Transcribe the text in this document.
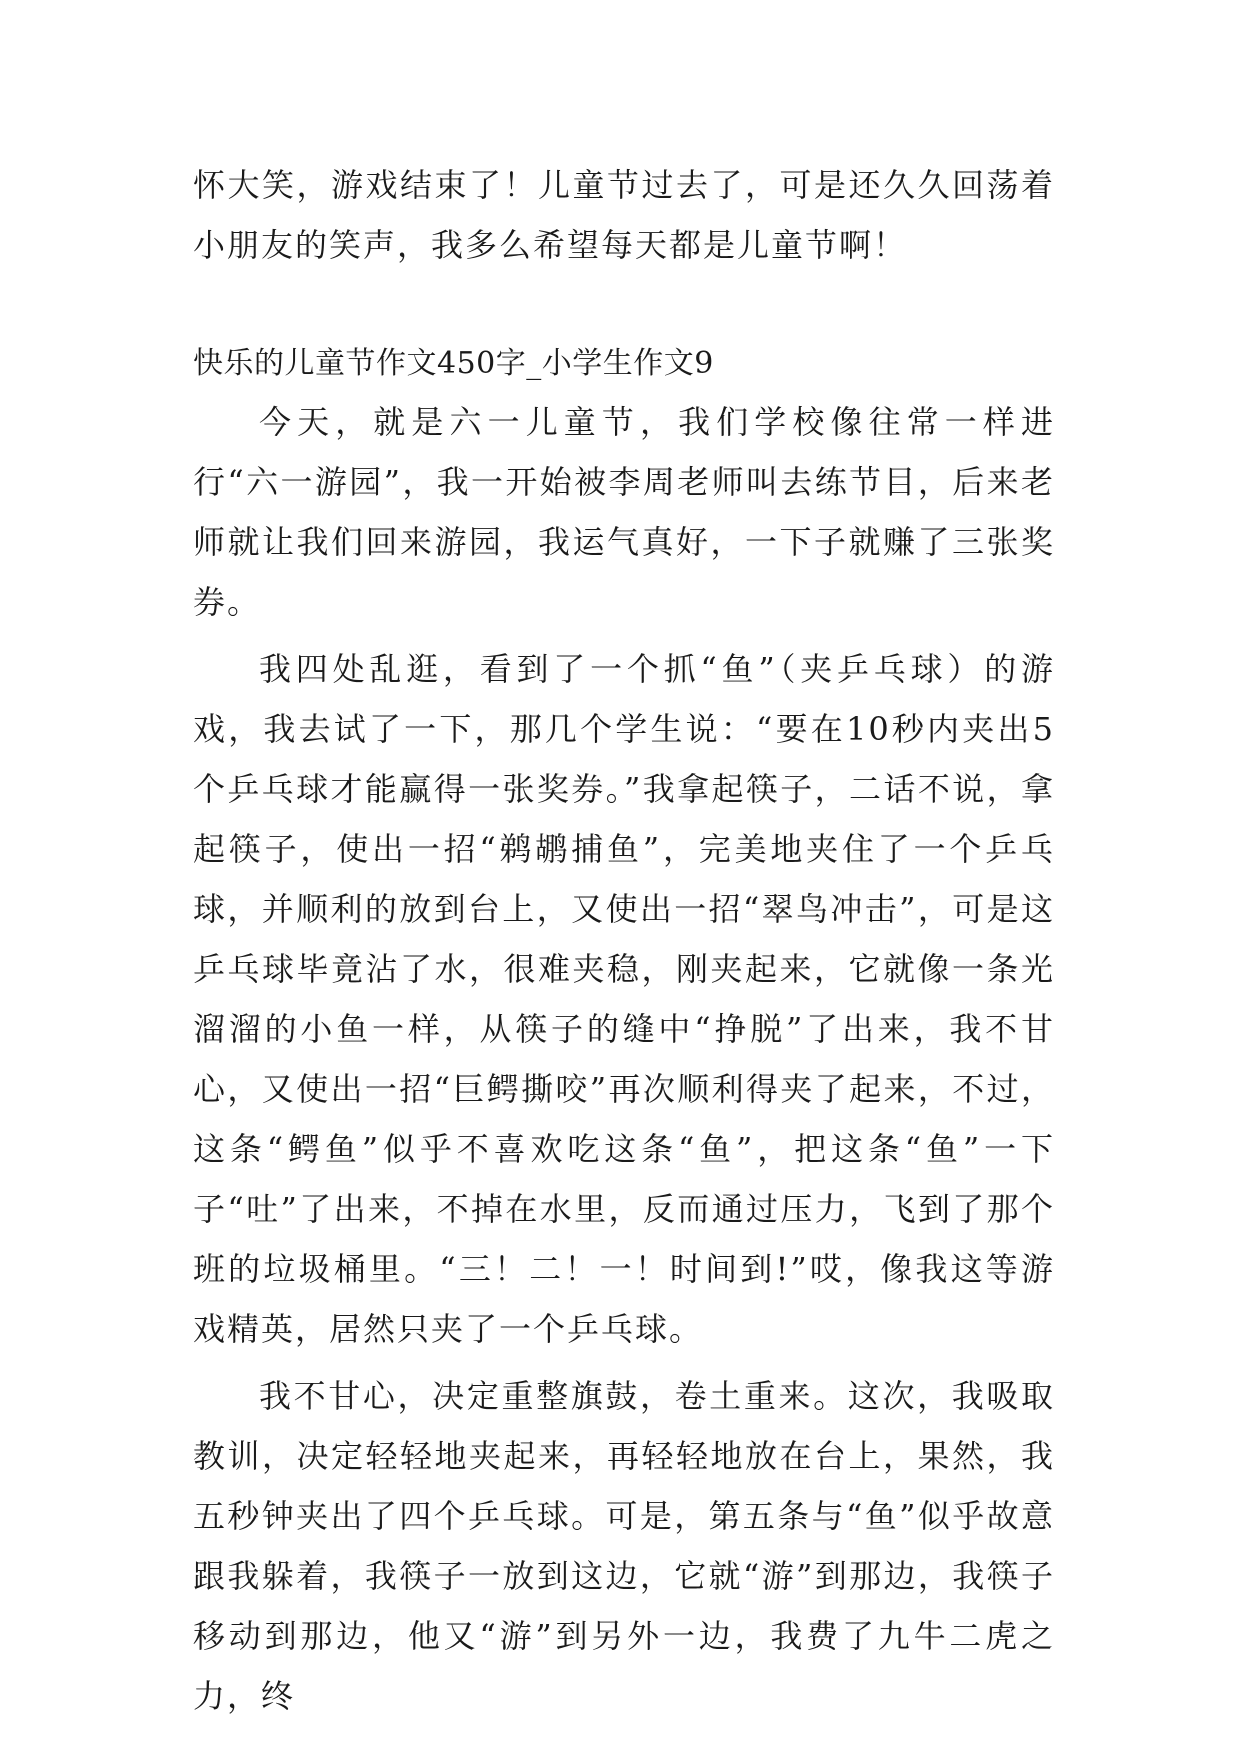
怀大笑，游戏结束了！儿童节过去了，可是还久久回荡着小朋友的笑声，我多么希望每天都是儿童节啊！

快乐的儿童节作文450字_小学生作文9

今天，就是六一儿童节，我们学校像往常一样进行“六一游园”，我一开始被李周老师叫去练节目，后来老师就让我们回来游园，我运气真好，一下子就赚了三张奖券。

我四处乱逛，看到了一个抓“鱼”（夹乒乓球）的游戏，我去试了一下，那几个学生说：“要在10秒内夹出5个乒乓球才能赢得一张奖券。”我拿起筷子，二话不说，拿起筷子，使出一招“鹈鹕捕鱼”，完美地夹住了一个乒乓球，并顺利的放到台上，又使出一招“翠鸟冲击”，可是这乒乓球毕竟沾了水，很难夹稳，刚夹起来，它就像一条光溜溜的小鱼一样，从筷子的缝中“挣脱”了出来，我不甘心，又使出一招“巨鳄撕咬”再次顺利得夹了起来，不过，这条“鳄鱼”似乎不喜欢吃这条“鱼”，把这条“鱼”一下子“吐”了出来，不掉在水里，反而通过压力，飞到了那个班的垃圾桶里。“三！二！一！时间到!”哎，像我这等游戏精英，居然只夹了一个乒乓球。

我不甘心，决定重整旗鼓，卷土重来。这次，我吸取教训，决定轻轻地夹起来，再轻轻地放在台上，果然，我五秒钟夹出了四个乒乓球。可是，第五条与“鱼”似乎故意跟我躲着，我筷子一放到这边，它就“游”到那边，我筷子移动到那边，他又“游”到另外一边，我费了九牛二虎之力，终
